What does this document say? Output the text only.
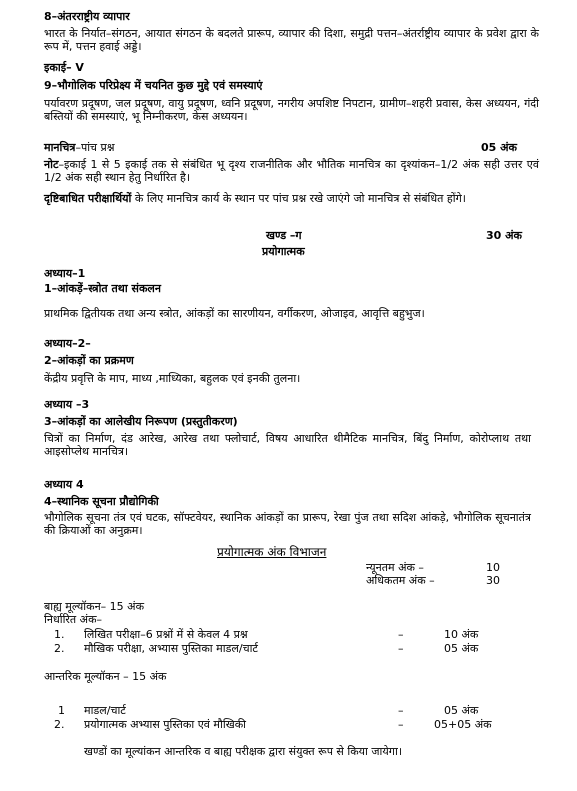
8–अंतरराष्ट्रीय व्यापार
भारत के निर्यात–संगठन, आयात संगठन के बदलते प्रारूप, व्यापार की दिशा, समुद्री पत्तन–अंतर्राष्ट्रीय व्यापार के प्रवेश द्वारा के रूप में, पत्तन हवाई अड्डे।
इकाई– V
9–भौगोलिक परिप्रेक्ष्य में चयनित कुछ मुद्दे एवं समस्याएं
पर्यावरण प्रदूषण, जल प्रदूषण, वायु प्रदूषण, ध्वनि प्रदूषण, नगरीय अपशिष्ट निपटान, ग्रामीण–शहरी प्रवास, केस अध्ययन, गंदी बस्तियों की समस्याएं, भू निम्नीकरण, केस अध्ययन।
मानचित्र–पांच प्रश्न	05 अंक
नोट–इकाई 1 से 5 इकाई तक से संबंधित भू दृश्य राजनीतिक और भौतिक मानचित्र का दृश्यांकन–1/2 अंक सही उत्तर एवं 1/2 अंक सही स्थान हेतु निर्धारित है।
दृष्टिबाधित परीक्षार्थियों के लिए मानचित्र कार्य के स्थान पर पांच प्रश्न रखे जाएंगे जो मानचित्र से संबंधित होंगे।
खण्ड –ग	30 अंक
प्रयोगात्मक
अध्याय–1
1–आंकड़ें–स्त्रोत तथा संकलन
प्राथमिक द्वितीयक तथा अन्य स्त्रोत, आंकड़ों का सारणीयन, वर्गीकरण, ओजाइव, आवृत्ति बहुभुज।
अध्याय–2–
2–आंकड़ों का प्रक्रमण
केंद्रीय प्रवृत्ति के माप, माध्य ,माध्यिका, बहुलक एवं इनकी तुलना।
अध्याय –3
3–आंकड़ों का आलेखीय निरूपण (प्रस्तुतीकरण)
चित्रों का निर्माण, दंड आरेख, आरेख तथा फ्लोचार्ट, विषय आधारित थीमैटिक मानचित्र, बिंदु निर्माण, कोरोप्लाथ तथा आइसोप्लेथ मानचित्र।
अध्याय 4
4–स्थानिक सूचना प्रौद्योगिकी
भौगोलिक सूचना तंत्र एवं घटक, सॉफ्टवेयर, स्थानिक आंकड़ों का प्रारूप, रेखा पुंज तथा सदिश आंकड़े, भौगोलिक सूचनातंत्र की क्रियाओं का अनुक्रम।
प्रयोगात्मक अंक विभाजन
न्यूनतम अंक –	10
अधिकतम अंक –	30
बाह्य मूल्यॉकन– 15 अंक
निर्धारित अंक–
1. लिखित परीक्षा–6 प्रश्नों में से केवल 4 प्रश्न	–	10 अंक
2. मौखिक परीक्षा, अभ्यास पुस्तिका माडल/चार्ट	–	05 अंक
आन्तरिक मूल्यॉकन – 15 अंक
1 माडल/चार्ट	–	05 अंक
2. प्रयोगात्मक अभ्यास पुस्तिका एवं मौखिकी	–	05+05 अंक
खण्डों का मूल्यांकन आन्तरिक व बाह्य परीक्षक द्वारा संयुक्त रूप से किया जायेगा।
